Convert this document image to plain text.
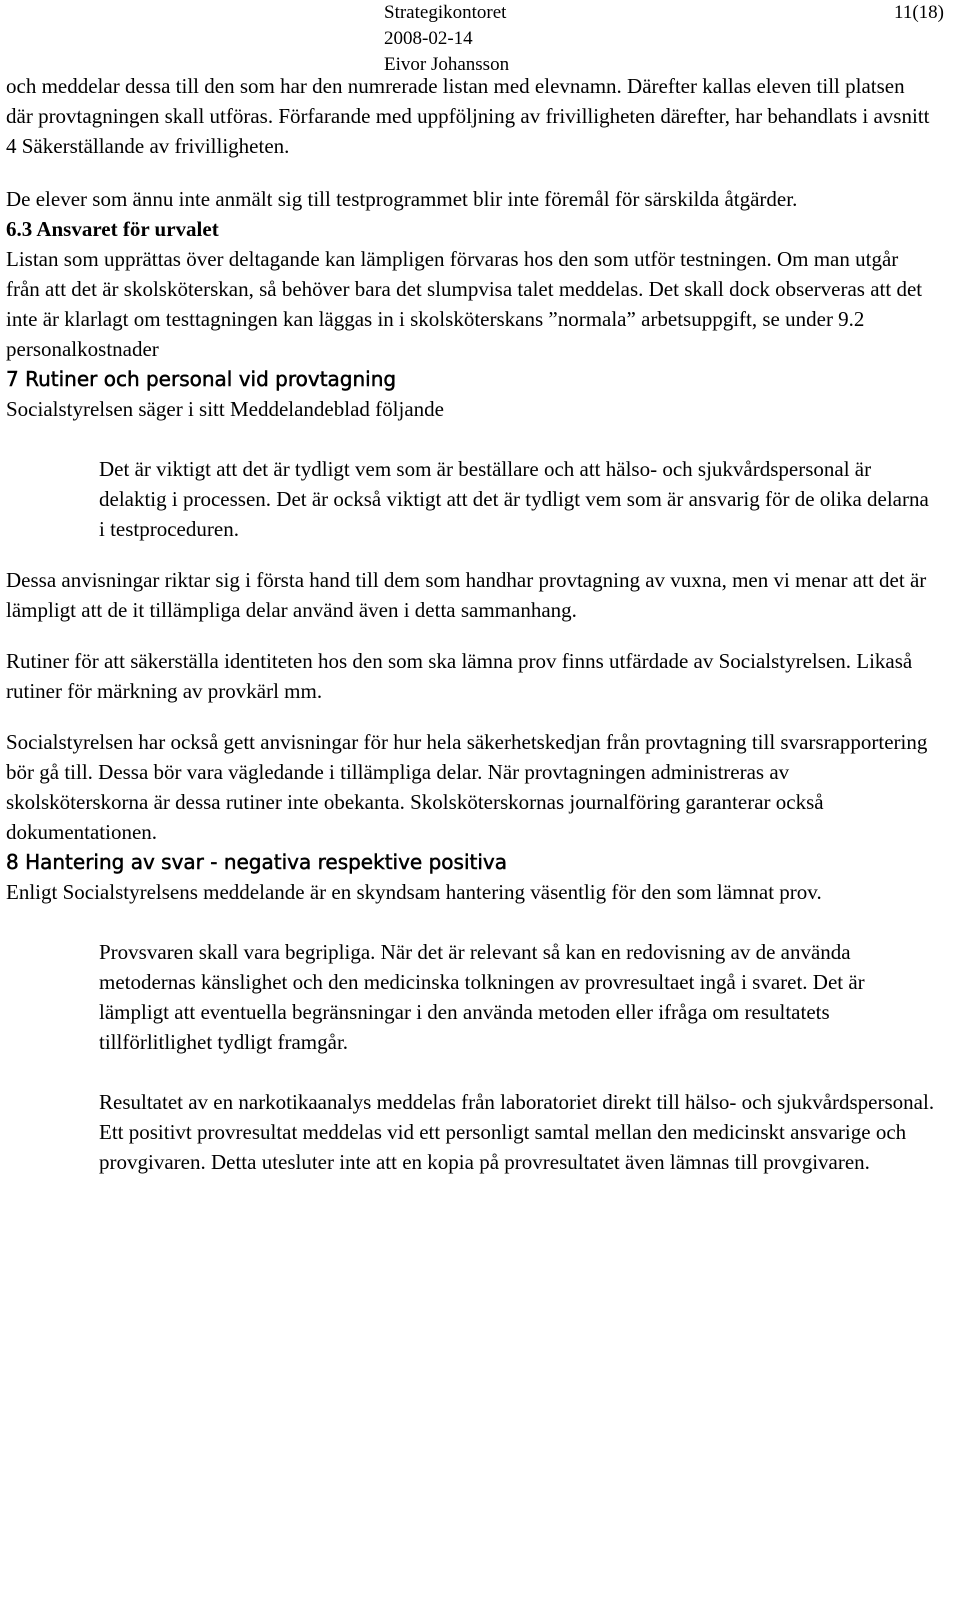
Strategikontoret
2008-02-14
Eivor Johansson
11(18)

och meddelar dessa till den som har den numrerade listan med elevnamn. Därefter kallas eleven till platsen där provtagningen skall utföras. Förfarande med uppföljning av frivilligheten därefter, har behandlats i avsnitt 4 Säkerställande av frivilligheten.

De elever som ännu inte anmält sig till testprogrammet blir inte föremål för särskilda åtgärder.

6.3 Ansvaret för urvalet

Listan som upprättas över deltagande kan lämpligen förvaras hos den som utför testningen. Om man utgår från att det är skolsköterskan, så behöver bara det slumpvisa talet meddelas. Det skall dock observeras att det inte är klarlagt om testtagningen kan läggas in i skolsköterskans ”normala” arbetsuppgift, se under 9.2 personalkostnader

7 Rutiner och personal vid provtagning

Socialstyrelsen säger i sitt Meddelandeblad följande

Det är viktigt att det är tydligt vem som är beställare och att hälso- och sjukvårdspersonal är delaktig i processen. Det är också viktigt att det är tydligt vem som är ansvarig för de olika delarna i testproceduren.

Dessa anvisningar riktar sig i första hand till dem som handhar provtagning av vuxna, men vi menar att det är lämpligt att de it tillämpliga delar använd även i detta sammanhang.

Rutiner för att säkerställa identiteten hos den som ska lämna prov finns utfärdade av Socialstyrelsen. Likaså rutiner för märkning av provkärl mm.

Socialstyrelsen har också gett anvisningar för hur hela säkerhetskedjan från provtagning till svarsrapportering bör gå till. Dessa bör vara vägledande i tillämpliga delar. När provtagningen administreras av skolsköterskorna är dessa rutiner inte obekanta. Skolsköterskornas journalföring garanterar också dokumentationen.

8 Hantering av svar - negativa respektive positiva

Enligt Socialstyrelsens meddelande är en skyndsam hantering väsentlig för den som lämnat prov.

Provsvaren skall vara begripliga. När det är relevant så kan en redovisning av de använda metodernas känslighet och den medicinska tolkningen av provresultaet ingå i svaret. Det är lämpligt att eventuella begränsningar i den använda metoden eller ifråga om resultatets tillförlitlighet tydligt framgår.

Resultatet av en narkotikaanalys meddelas från laboratoriet direkt till hälso- och sjukvårdspersonal. Ett positivt provresultat meddelas vid ett personligt samtal mellan den medicinskt ansvarige och provgivaren. Detta utesluter inte att en kopia på provresultatet även lämnas till provgivaren.
